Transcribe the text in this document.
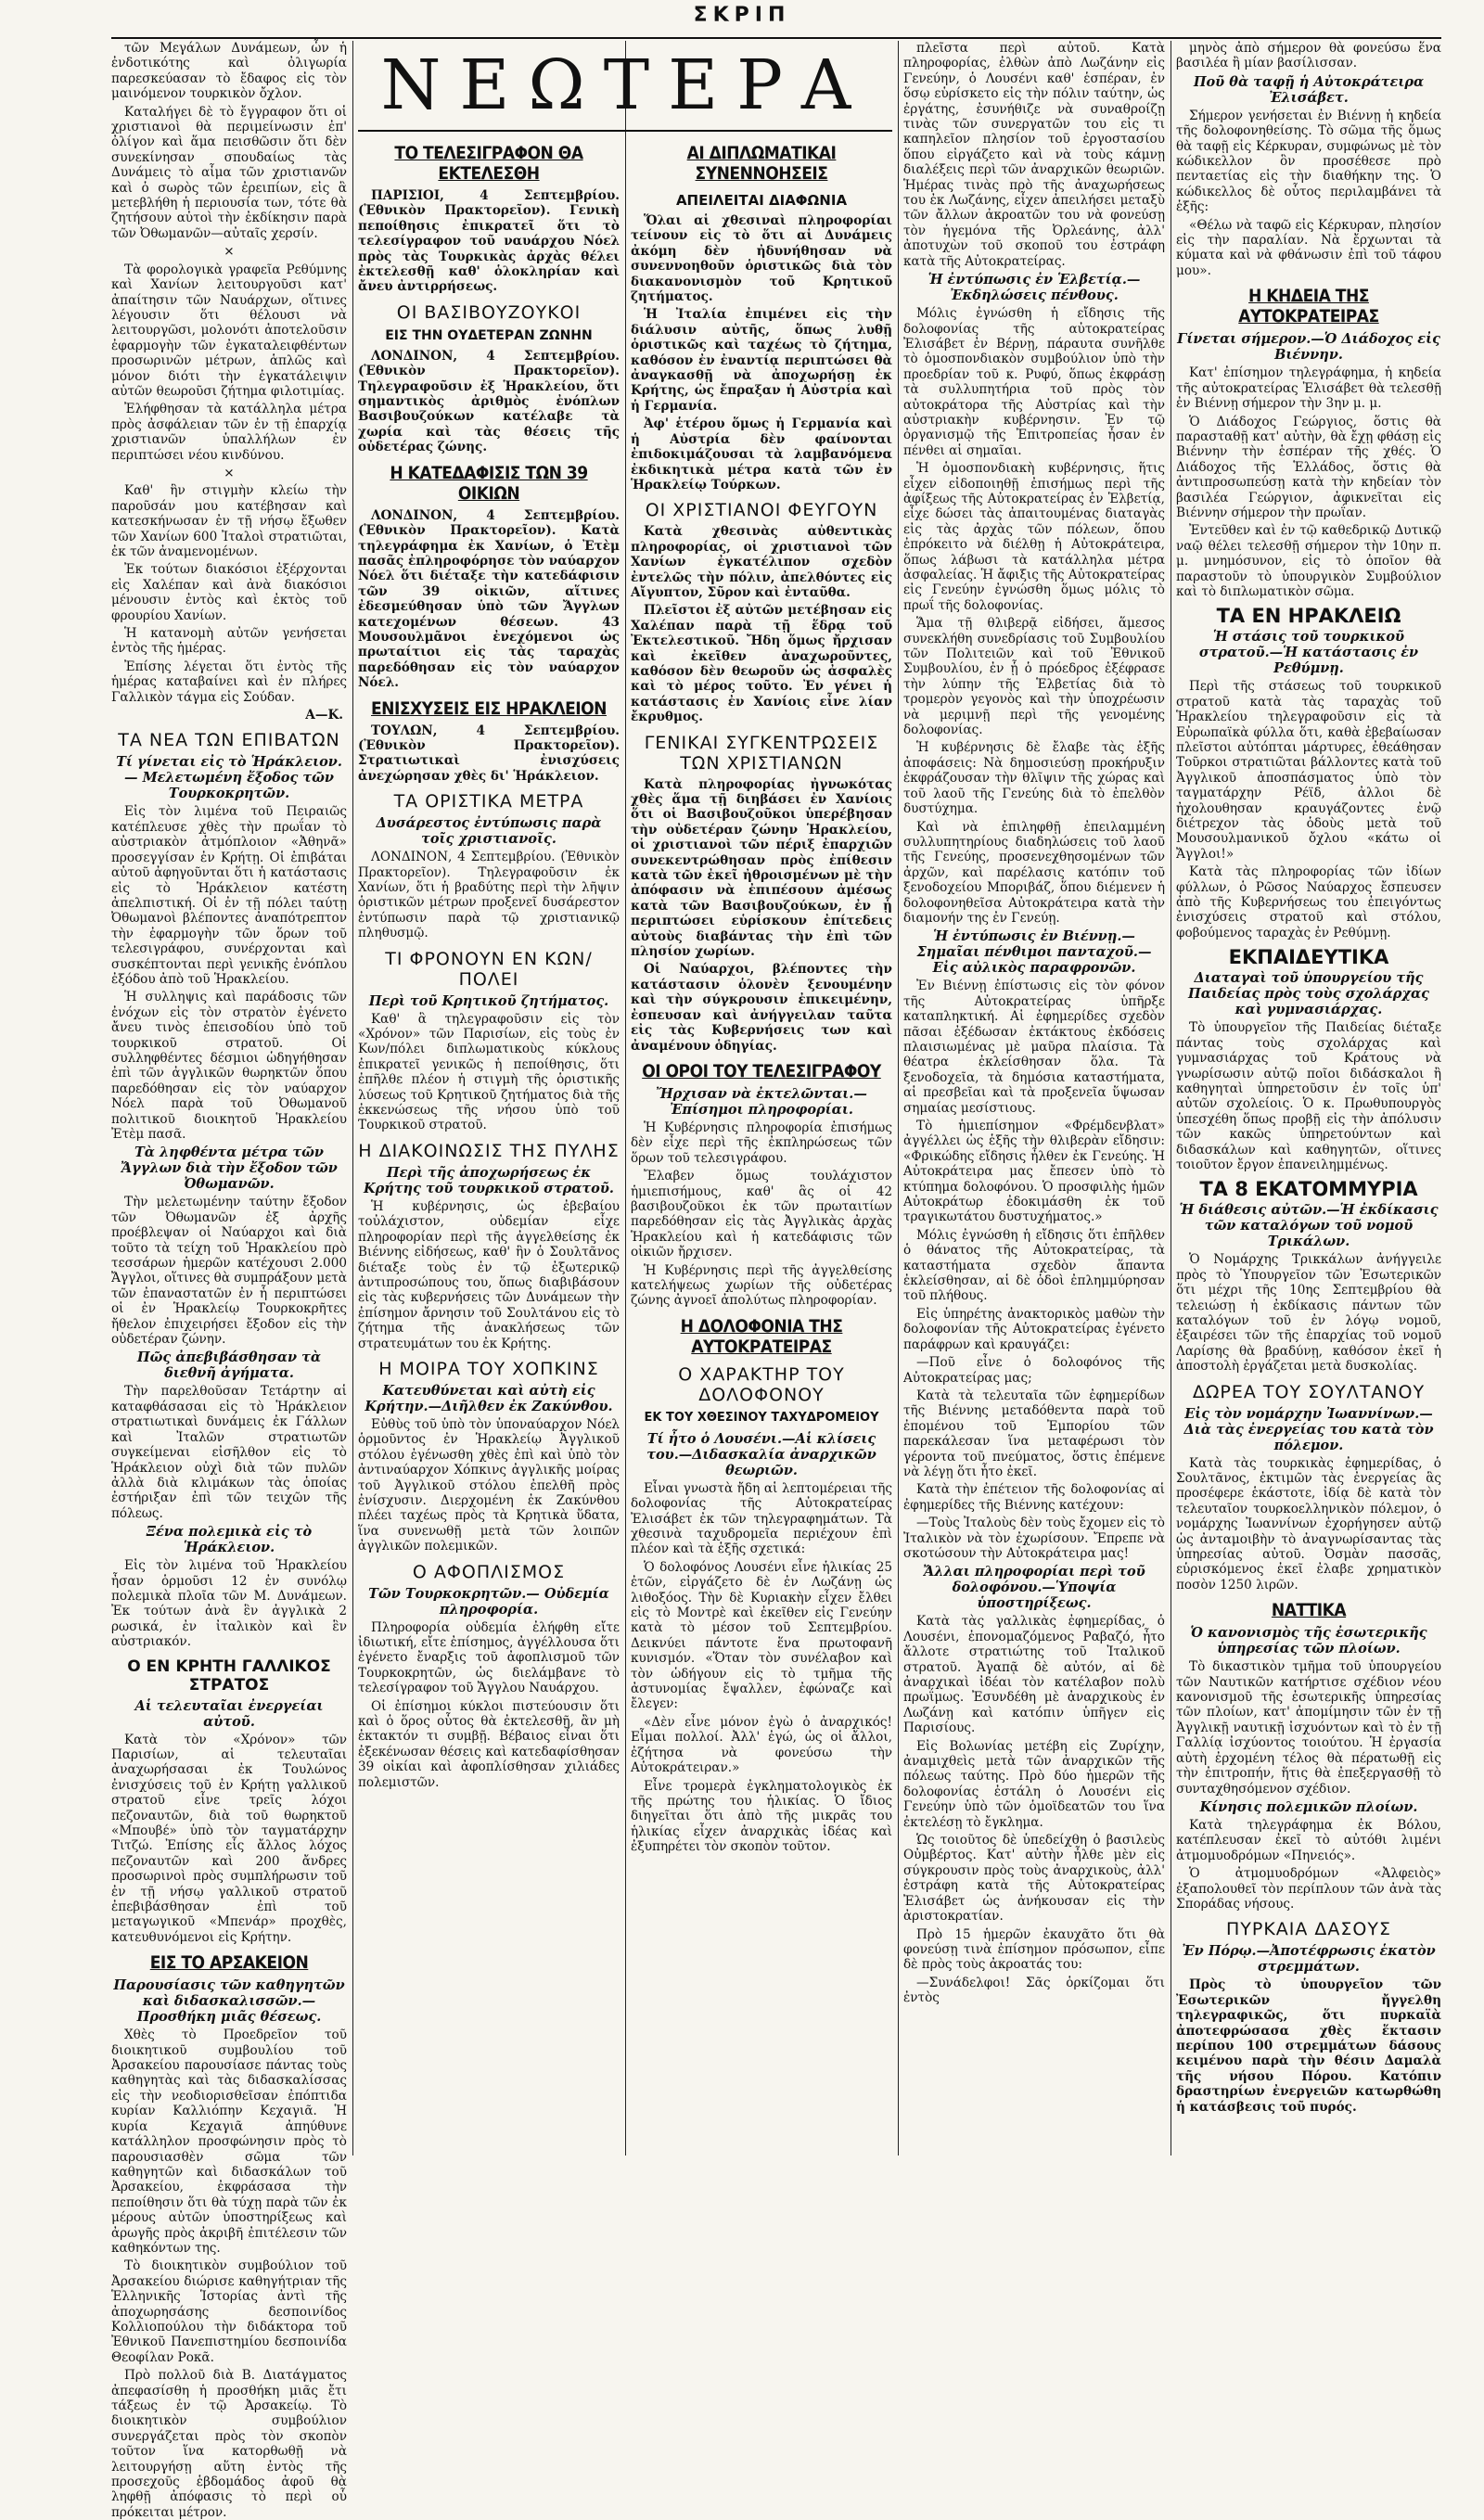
ΣΚΡΙΠ

τῶν Μεγάλων Δυνάμεων, ὧν ἡ ἐνδοτικότης καὶ ὀλιγωρία παρεσκεύασαν τὸ ἔδαφος εἰς τὸν μαινόμενον τουρκικὸν ὄχλον.

Καταλήγει δὲ τὸ ἔγγραφον ὅτι οἱ χριστιανοὶ θὰ περιμείνωσιν ἐπ' ὀλίγον καὶ ἅμα πεισθῶσιν ὅτι δὲν συνεκίνησαν σπουδαίως τὰς Δυνάμεις τὸ αἷμα τῶν χριστιανῶν καὶ ὁ σωρὸς τῶν ἐρειπίων, εἰς ἃ μετεβλήθη ἡ περιουσία των, τότε θὰ ζητήσουν αὐτοὶ τὴν ἐκδίκησιν παρὰ τῶν Ὀθωμανῶν—αὐταῖς χερσίν.

×

Τὰ φορολογικὰ γραφεῖα Ρεθύμνης καὶ Χανίων λειτουργοῦσι κατ' ἀπαίτησιν τῶν Ναυάρχων, οἵτινες λέγουσιν ὅτι θέλουσι νὰ λειτουργῶσι, μολονότι ἀποτελοῦσιν ἐφαρμογὴν τῶν ἐγκαταλειφθέντων προσωρινῶν μέτρων, ἁπλῶς καὶ μόνον διότι τὴν ἐγκατάλειψιν αὐτῶν θεωροῦσι ζήτημα φιλοτιμίας.

Ἐλήφθησαν τὰ κατάλληλα μέτρα πρὸς ἀσφάλειαν τῶν ἐν τῇ ἐπαρχίᾳ χριστιανῶν ὑπαλλήλων ἐν περιπτώσει νέου κινδύνου.

×

Καθ' ἣν στιγμὴν κλείω τὴν παροῦσάν μου κατέβησαν καὶ κατεσκήνωσαν ἐν τῇ νήσῳ ἔξωθεν τῶν Χανίων 600 Ἰταλοὶ στρατιῶται, ἐκ τῶν ἀναμενομένων.

Ἐκ τούτων διακόσιοι ἐξέρχονται εἰς Χαλέπαν καὶ ἀνὰ διακόσιοι μένουσιν ἐντὸς καὶ ἐκτὸς τοῦ φρουρίου Χανίων.

Ἡ κατανομὴ αὐτῶν γενήσεται ἐντὸς τῆς ἡμέρας.

Ἐπίσης λέγεται ὅτι ἐντὸς τῆς ἡμέρας καταβαίνει καὶ ἐν πλήρες Γαλλικὸν τάγμα εἰς Σούδαν.

Α—Κ.
ΤΑ ΝΕΑ ΤΩΝ ΕΠΙΒΑΤΩΝ
Τί γίνεται εἰς τὸ Ἡράκλειον.— Μελετωμένη ἔξοδος τῶν Τουρκοκρητῶν.

Εἰς τὸν λιμένα τοῦ Πειραιῶς κατέπλευσε χθὲς τὴν πρωΐαν τὸ αὐστριακὸν ἀτμόπλοιον «Ἀθηνᾶ» προσεγγίσαν ἐν Κρήτῃ. Οἱ ἐπιβάται αὐτοῦ ἀφηγοῦνται ὅτι ἡ κατάστασις εἰς τὸ Ἡράκλειον κατέστη ἀπελπιστική. Οἱ ἐν τῇ πόλει ταύτῃ Ὀθωμανοὶ βλέποντες ἀναπότρεπτον τὴν ἐφαρμογὴν τῶν ὅρων τοῦ τελεσιγράφου, συνέρχονται καὶ συσκέπτονται περὶ γενικῆς ἐνόπλου ἐξόδου ἀπὸ τοῦ Ἡρακλείου.

Ἡ συλληψις καὶ παράδοσις τῶν ἐνόχων εἰς τὸν στρατὸν ἐγένετο ἄνευ τινὸς ἐπεισοδίου ὑπὸ τοῦ τουρκικοῦ στρατοῦ. Οἱ συλληφθέντες δέσμιοι ὡδηγήθησαν ἐπὶ τῶν ἀγγλικῶν θωρηκτῶν ὅπου παρεδόθησαν εἰς τὸν ναύαρχον Νόελ παρὰ τοῦ Ὀθωμανοῦ πολιτικοῦ διοικητοῦ Ἡρακλείου Ἐτὲμ πασᾶ.

Τὰ ληφθέντα μέτρα τῶν Ἄγγλων διὰ τὴν ἔξοδον τῶν Ὀθωμανῶν.

Τὴν μελετωμένην ταύτην ἔξοδον τῶν Ὀθωμανῶν ἐξ ἀρχῆς προέβλεψαν οἱ Ναύαρχοι καὶ διὰ τοῦτο τὰ τείχη τοῦ Ἡρακλείου πρὸ τεσσάρων ἡμερῶν κατέχουσι 2.000 Ἄγγλοι, οἵτινες θὰ συμπράξουν μετὰ τῶν ἐπαναστατῶν ἐν ἧ περιπτώσει οἱ ἐν Ἡρακλείῳ Τουρκοκρῆτες ἤθελον ἐπιχειρήσει ἔξοδον εἰς τὴν οὐδετέραν ζώνην.

Πῶς ἀπεβιβάσθησαν τὰ διεθνῆ ἀγήματα.

Τὴν παρελθοῦσαν Τετάρτην αἱ καταφθάσασαι εἰς τὸ Ἡράκλειον στρατιωτικαὶ δυνάμεις ἐκ Γάλλων καὶ Ἰταλῶν στρατιωτῶν συγκείμεναι εἰσῆλθον εἰς τὸ Ἡράκλειον οὐχὶ διὰ τῶν πυλῶν ἀλλὰ διὰ κλιμάκων τὰς ὁποίας ἐστήριξαν ἐπὶ τῶν τειχῶν τῆς πόλεως.

Ξένα πολεμικὰ εἰς τὸ Ἡράκλειον.

Εἰς τὸν λιμένα τοῦ Ἡρακλείου ἦσαν ὁρμοῦσι 12 ἐν συνόλῳ πολεμικὰ πλοῖα τῶν Μ. Δυνάμεων. Ἐκ τούτων ἀνὰ ἓν ἀγγλικὰ 2 ρωσικά, ἐν ἰταλικὸν καὶ ἓν αὐστριακόν.

Ο ΕΝ ΚΡΗΤΗ ΓΑΛΛΙΚΟΣ ΣΤΡΑΤΟΣ
Αἱ τελευταῖαι ἐνεργείαι αὐτοῦ.

Κατὰ τὸν «Χρόνον» τῶν Παρισίων, αἱ τελευταῖαι ἀναχωρήσασαι ἐκ Τουλώνος ἐνισχύσεις τοῦ ἐν Κρήτῃ γαλλικοῦ στρατοῦ εἶνε τρεῖς λόχοι πεζοναυτῶν, διὰ τοῦ θωρηκτοῦ «Μπουβέ» ὑπὸ τὸν ταγματάρχην Τιτζώ. Ἐπίσης εἷς ἄλλος λόχος πεζοναυτῶν καὶ 200 ἄνδρες προσωρινοὶ πρὸς συμπλήρωσιν τοῦ ἐν τῇ νήσῳ γαλλικοῦ στρατοῦ ἐπεβιβάσθησαν ἐπὶ τοῦ μεταγωγικοῦ «Μπενάρ» προχθὲς, κατευθυνόμενοι εἰς Κρήτην.

ΕΙΣ ΤΟ ΑΡΣΑΚΕΙΟΝ
Παρουσίασις τῶν καθηγητῶν καὶ διδασκαλισσῶν.— Προσθήκη μιᾶς θέσεως.

Χθὲς τὸ Προεδρεῖον τοῦ διοικητικοῦ συμβουλίου τοῦ Ἀρσακείου παρουσίασε πάντας τοὺς καθηγητὰς καὶ τὰς διδασκαλίσσας εἰς τὴν νεοδιορισθεῖσαν ἐπόπτιδα κυρίαν Καλλιόπην Κεχαγιᾶ. Ἡ κυρία Κεχαγιᾶ ἀπηύθυνε κατάλληλον προσφώνησιν πρὸς τὸ παρουσιασθὲν σῶμα τῶν καθηγητῶν καὶ διδασκάλων τοῦ Ἀρσακείου, ἐκφράσασα τὴν πεποίθησιν ὅτι θὰ τύχῃ παρὰ τῶν ἐκ μέρους αὐτῶν ὑποστηρίξεως καὶ ἀρωγῆς πρὸς ἀκριβῆ ἐπιτέλεσιν τῶν καθηκόντων της.

Τὸ διοικητικὸν συμβούλιον τοῦ Ἀρσακείου διώρισε καθηγήτριαν τῆς Ἑλληνικῆς Ἱστορίας ἀντὶ τῆς ἀποχωρησάσης δεσποινίδος Κολλιοπούλου τὴν διδάκτορα τοῦ Ἐθνικοῦ Πανεπιστημίου δεσποινίδα Θεοφίλαν Ροκᾶ.

Πρὸ πολλοῦ διὰ Β. Διατάγματος ἀπεφασίσθη ἡ προσθήκη μιᾶς ἔτι τάξεως ἐν τῷ Ἀρσακείῳ. Τὸ διοικητικὸν συμβούλιον συνεργάζεται πρὸς τὸν σκοπὸν τοῦτον ἵνα κατορθωθῇ νὰ λειτουργήσῃ αὕτη ἐντὸς τῆς προσεχοῦς ἑβδομάδος ἀφοῦ θὰ ληφθῇ ἀπόφασις τὸ περὶ οὗ πρόκειται μέτρον.

ΝΕΩΤΕΡΑ
ΤΟ ΤΕΛΕΣΙΓΡΑΦΟΝ ΘΑ ΕΚΤΕΛΕΣΘΗ

ΠΑΡΙΣΙΟΙ, 4 Σεπτεμβρίου. (Ἐθνικὸν Πρακτορεῖον). Γενικὴ πεποίθησις ἐπικρατεῖ ὅτι τὸ τελεσίγραφον τοῦ ναυάρχου Νόελ πρὸς τὰς Τουρκικὰς ἀρχὰς θέλει ἐκτελεσθῇ καθ' ὁλοκληρίαν καὶ ἄνευ ἀντιρρήσεως.

ΟΙ ΒΑΣΙΒΟΥΖΟΥΚΟΙ
ΕΙΣ ΤΗΝ ΟΥΔΕΤΕΡΑΝ ΖΩΝΗΝ

ΛΟΝΔΙΝΟΝ, 4 Σεπτεμβρίου. (Ἐθνικὸν Πρακτορεῖον). Τηλεγραφοῦσιν ἐξ Ἡρακλείου, ὅτι σημαντικὸς ἀριθμὸς ἐνόπλων Βασιβουζούκων κατέλαβε τὰ χωρία καὶ τὰς θέσεις τῆς οὐδετέρας ζώνης.

Η ΚΑΤΕΔΑΦΙΣΙΣ ΤΩΝ 39 ΟΙΚΙΩΝ

ΛΟΝΔΙΝΟΝ, 4 Σεπτεμβρίου. (Ἐθνικὸν Πρακτορεῖον). Κατὰ τηλεγράφημα ἐκ Χανίων, ὁ Ἐτὲμ πασᾶς ἐπληροφόρησε τὸν ναύαρχον Νόελ ὅτι διέταξε τὴν κατεδάφισιν τῶν 39 οἰκιῶν, αἵτινες ἐδεσμεύθησαν ὑπὸ τῶν Ἄγγλων κατεχομένων θέσεων. 43 Μουσουλμᾶνοι ἐνεχόμενοι ὡς πρωταίτιοι εἰς τὰς ταραχὰς παρεδόθησαν εἰς τὸν ναύαρχον Νόελ.

ΕΝΙΣΧΥΣΕΙΣ ΕΙΣ ΗΡΑΚΛΕΙΟΝ

ΤΟΥΛΩΝ, 4 Σεπτεμβρίου. (Ἐθνικὸν Πρακτορεῖον). Στρατιωτικαὶ ἐνισχύσεις ἀνεχώρησαν χθὲς δι' Ἡράκλειον.

ΤΑ ΟΡΙΣΤΙΚΑ ΜΕΤΡΑ
Δυσάρεστος ἐντύπωσις παρὰ τοῖς χριστιανοῖς.

ΛΟΝΔΙΝΟΝ, 4 Σεπτεμβρίου. (Ἐθνικὸν Πρακτορεῖον). Τηλεγραφοῦσιν ἐκ Χανίων, ὅτι ἡ βραδύτης περὶ τὴν λῆψιν ὁριστικῶν μέτρων προξενεῖ δυσάρεστον ἐντύπωσιν παρὰ τῷ χριστιανικῷ πληθυσμῷ.

ΤΙ ΦΡΟΝΟΥΝ ΕΝ ΚΩΝ/ΠΟΛΕΙ
Περὶ τοῦ Κρητικοῦ ζητήματος.

Καθ' ἃ τηλεγραφοῦσιν εἰς τὸν «Χρόνον» τῶν Παρισίων, εἰς τοὺς ἐν Κων/πόλει διπλωματικοὺς κύκλους ἐπικρατεῖ γενικῶς ἡ πεποίθησις, ὅτι ἐπῆλθε πλέον ἡ στιγμὴ τῆς ὁριστικῆς λύσεως τοῦ Κρητικοῦ ζητήματος διὰ τῆς ἐκκενώσεως τῆς νήσου ὑπὸ τοῦ Τουρκικοῦ στρατοῦ.

Η ΔΙΑΚΟΙΝΩΣΙΣ ΤΗΣ ΠΥΛΗΣ
Περὶ τῆς ἀποχωρήσεως ἐκ Κρήτης τοῦ τουρκικοῦ στρατοῦ.

Ἡ κυβέρνησις, ὡς ἐβεβαίου τοὐλάχιστον, οὐδεμίαν εἶχε πληροφορίαν περὶ τῆς ἀγγελθείσης ἐκ Βιέννης εἰδήσεως, καθ' ἣν ὁ Σουλτᾶνος διέταξε τοὺς ἐν τῷ ἐξωτερικῷ ἀντιπροσώπους του, ὅπως διαβιβάσουν εἰς τὰς κυβερνήσεις τῶν Δυνάμεων τὴν ἐπίσημον ἄρνησιν τοῦ Σουλτάνου εἰς τὸ ζήτημα τῆς ἀνακλήσεως τῶν στρατευμάτων του ἐκ Κρήτης.

Η ΜΟΙΡΑ ΤΟΥ ΧΟΠΚΙΝΣ
Κατευθύνεται καὶ αὐτὴ εἰς Κρήτην.—Διῆλθεν ἐκ Ζακύνθου.

Εὐθὺς τοῦ ὑπὸ τὸν ὑποναύαρχον Νόελ ὁρμοῦντος ἐν Ἡρακλείῳ Ἀγγλικοῦ στόλου ἐγένωσθη χθὲς ἐπὶ καὶ ὑπὸ τὸν ἀντιναύαρχον Χόπκινς ἀγγλικῆς μοίρας τοῦ Ἀγγλικοῦ στόλου ἐπελθῆ πρὸς ἐνίσχυσιν. Διερχομένη ἐκ Ζακύνθου πλέει ταχέως πρὸς τὰ Κρητικὰ ὕδατα, ἵνα συνενωθῇ μετὰ τῶν λοιπῶν ἀγγλικῶν πολεμικῶν.

Ο ΑΦΟΠΛΙΣΜΟΣ
Τῶν Τουρκοκρητῶν.— Οὐδεμία πληροφορία.

Πληροφορία οὐδεμία ἐλήφθη εἴτε ἰδιωτική, εἴτε ἐπίσημος, ἀγγέλλουσα ὅτι ἐγένετο ἔναρξις τοῦ ἀφοπλισμοῦ τῶν Τουρκοκρητῶν, ὡς διελάμβανε τὸ τελεσίγραφον τοῦ Ἄγγλου Ναυάρχου.

Οἱ ἐπίσημοι κύκλοι πιστεύουσιν ὅτι καὶ ὁ ὅρος οὗτος θὰ ἐκτελεσθῇ, ἂν μὴ ἐκτακτόν τι συμβῇ. Βέβαιος εἶναι ὅτι ἐξεκένωσαν θέσεις καὶ κατεδαφίσθησαν 39 οἰκίαι καὶ ἀφοπλίσθησαν χιλιάδες πολεμιστῶν.

ΑΙ ΔΙΠΛΩΜΑΤΙΚΑΙ ΣΥΝΕΝΝΟΗΣΕΙΣ
ΑΠΕΙΛΕΙΤΑΙ ΔΙΑΦΩΝΙΑ

Ὅλαι αἱ χθεσιναὶ πληροφορίαι τείνουν εἰς τὸ ὅτι αἱ Δυνάμεις ἀκόμη δὲν ἠδυνήθησαν νὰ συνεννοηθοῦν ὁριστικῶς διὰ τὸν διακανονισμὸν τοῦ Κρητικοῦ ζητήματος.

Ἡ Ἰταλία ἐπιμένει εἰς τὴν διάλυσιν αὐτῆς, ὅπως λυθῇ ὁριστικῶς καὶ ταχέως τὸ ζήτημα, καθόσον ἐν ἐναντίᾳ περιπτώσει θὰ ἀναγκασθῇ νὰ ἀποχωρήσῃ ἐκ Κρήτης, ὡς ἔπραξαν ἡ Αὐστρία καὶ ἡ Γερμανία.

Ἀφ' ἑτέρου ὅμως ἡ Γερμανία καὶ ἡ Αὐστρία δὲν φαίνονται ἐπιδοκιμάζουσαι τὰ λαμβανόμενα ἐκδικητικὰ μέτρα κατὰ τῶν ἐν Ἡρακλείῳ Τούρκων.

ΟΙ ΧΡΙΣΤΙΑΝΟΙ ΦΕΥΓΟΥΝ

Κατὰ χθεσινὰς αὐθεντικὰς πληροφορίας, οἱ χριστιανοὶ τῶν Χανίων ἐγκατέλιπον σχεδὸν ἐντελῶς τὴν πόλιν, ἀπελθόντες εἰς Αἴγυπτον, Σῦρον καὶ ἐνταῦθα.

Πλεῖστοι ἐξ αὐτῶν μετέβησαν εἰς Χαλέπαν παρὰ τῇ ἕδρᾳ τοῦ Ἐκτελεστικοῦ. Ἤδη ὅμως ἤρχισαν καὶ ἐκεῖθεν ἀναχωροῦντες, καθόσον δὲν θεωροῦν ὡς ἀσφαλὲς καὶ τὸ μέρος τοῦτο. Ἐν γένει ἡ κατάστασις ἐν Χανίοις εἶνε λίαν ἔκρυθμος.

ΓΕΝΙΚΑΙ ΣΥΓΚΕΝΤΡΩΣΕΙΣ ΤΩΝ ΧΡΙΣΤΙΑΝΩΝ

Κατὰ πληροφορίας ἠγνωκότας χθὲς ἅμα τῇ διηβάσει ἐν Χανίοις ὅτι οἱ Βασιβουζοῦκοι ὑπερέβησαν τὴν οὐδετέραν ζώνην Ἡρακλείου, οἱ χριστιανοὶ τῶν πέριξ ἐπαρχιῶν συνεκεντρώθησαν πρὸς ἐπίθεσιν κατὰ τῶν ἐκεῖ ἠθροισμένων μὲ τὴν ἀπόφασιν νὰ ἐπιπέσουν ἀμέσως κατὰ τῶν Βασιβουζούκων, ἐν ᾗ περιπτώσει εὑρίσκουν ἐπίτεδεις αὐτοὺς διαβάντας τὴν ἐπὶ τῶν πλησίον χωρίων.

Οἱ Ναύαρχοι, βλέποντες τὴν κατάστασιν ὁλονὲν ξενουμένην καὶ τὴν σύγκρουσιν ἐπικειμένην, ἐσπευσαν καὶ ἀνήγγειλαν ταῦτα εἰς τὰς Κυβερνήσεις των καὶ ἀναμένουν ὁδηγίας.

ΟΙ ΟΡΟΙ ΤΟΥ ΤΕΛΕΣΙΓΡΑΦΟΥ
Ἤρχισαν νὰ ἐκτελῶνται.—Ἐπίσημοι πληροφορίαι.

Ἡ Κυβέρνησις πληροφορία ἐπισήμως δὲν εἶχε περὶ τῆς ἐκπληρώσεως τῶν ὅρων τοῦ τελεσιγράφου.

Ἔλαβεν ὅμως τουλάχιστον ἡμιεπισήμους, καθ' ἃς οἱ 42 βασιβουζοῦκοι ἐκ τῶν πρωταιτίων παρεδόθησαν εἰς τὰς Ἀγγλικὰς ἀρχὰς Ἡρακλείου καὶ ἡ κατεδάφισις τῶν οἰκιῶν ἤρχισεν.

Ἡ Κυβέρνησις περὶ τῆς ἀγγελθείσης κατελήψεως χωρίων τῆς οὐδετέρας ζώνης ἀγνοεῖ ἀπολύτως πληροφορίαν.

Η ΔΟΛΟΦΟΝΙΑ ΤΗΣ ΑΥΤΟΚΡΑΤΕΙΡΑΣ
Ο ΧΑΡΑΚΤΗΡ ΤΟΥ ΔΟΛΟΦΟΝΟΥ
ΕΚ ΤΟΥ ΧΘΕΣΙΝΟΥ ΤΑΧΥΔΡΟΜΕΙΟΥ
Τί ἦτο ὁ Λουσένι.—Αἱ κλίσεις του.—Διδασκαλία ἀναρχικῶν θεωριῶν.

Εἶναι γνωστὰ ἤδη αἱ λεπτομέρειαι τῆς δολοφονίας τῆς Αὐτοκρατείρας Ἐλισάβετ ἐκ τῶν τηλεγραφημάτων. Τὰ χθεσινὰ ταχυδρομεῖα περιέχουν ἐπὶ πλέον καὶ τὰ ἑξῆς σχετικά:

Ὁ δολοφόνος Λουσένι εἶνε ἡλικίας 25 ἐτῶν, εἰργάζετο δὲ ἐν Λωζάνῃ ὡς λιθοξόος. Τὴν δὲ Κυριακὴν εἶχεν ἔλθει εἰς τὸ Μοντρὲ καὶ ἐκεῖθεν εἰς Γενεύην κατὰ τὸ μέσον τοῦ Σεπτεμβρίου. Δεικνύει πάντοτε ἕνα πρωτοφανῆ κυνισμόν. «Ὅταν τὸν συνέλαβον καὶ τὸν ὡδήγουν εἰς τὸ τμῆμα τῆς ἀστυνομίας ἔψαλλεν, ἐφώναζε καὶ ἔλεγεν:

«Δὲν εἶνε μόνον ἐγὼ ὁ ἀναρχικός! Εἶμαι πολλοί. Ἀλλ' ἐγώ, ὡς οἱ ἄλλοι, ἐζήτησα νὰ φονεύσω τὴν Αὐτοκράτειραν.»

Εἶνε τρομερὰ ἐγκληματολογικὸς ἐκ τῆς πρώτης του ἡλικίας. Ὁ ἴδιος διηγεῖται ὅτι ἀπὸ τῆς μικρᾶς του ἡλικίας εἶχεν ἀναρχικὰς ἰδέας καὶ ἐξυπηρέτει τὸν σκοπὸν τοῦτον.

πλεῖστα περὶ αὐτοῦ. Κατὰ πληροφορίας, ἐλθὼν ἀπὸ Λωζάνην εἰς Γενεύην, ὁ Λουσένι καθ' ἑσπέραν, ἐν ὅσῳ εὑρίσκετο εἰς τὴν πόλιν ταύτην, ὡς ἐργάτης, ἐσυνήθιζε νὰ συναθροίζῃ τινὰς τῶν συνεργατῶν του εἰς τι καπηλεῖον πλησίον τοῦ ἐργοστασίου ὅπου εἰργάζετο καὶ νὰ τοὺς κάμνῃ διαλέξεις περὶ τῶν ἀναρχικῶν θεωριῶν. Ἡμέρας τινὰς πρὸ τῆς ἀναχωρήσεως του ἐκ Λωζάνης, εἶχεν ἀπειλήσει μεταξὺ τῶν ἄλλων ἀκροατῶν του νὰ φονεύσῃ τὸν ἡγεμόνα τῆς Ὀρλεάνης, ἀλλ' ἀποτυχὼν τοῦ σκοποῦ του ἐστράφη κατὰ τῆς Αὐτοκρατείρας.

Ἡ ἐντύπωσις ἐν Ἑλβετίᾳ.— Ἐκδηλώσεις πένθους.

Μόλις ἐγνώσθη ἡ εἴδησις τῆς δολοφονίας τῆς αὐτοκρατείρας Ἐλισάβετ ἐν Βέρνῃ, πάραυτα συνῆλθε τὸ ὁμοσπονδιακὸν συμβούλιον ὑπὸ τὴν προεδρίαν τοῦ κ. Ρυφύ, ὅπως ἐκφράσῃ τὰ συλλυπητήρια τοῦ πρὸς τὸν αὐτοκράτορα τῆς Αὐστρίας καὶ τὴν αὐστριακὴν κυβέρνησιν. Ἐν τῷ ὀργανισμῷ τῆς Ἐπιτροπείας ἦσαν ἐν πένθει αἱ σημαῖαι.

Ἡ ὁμοσπονδιακὴ κυβέρνησις, ἥτις εἶχεν εἰδοποιηθῇ ἐπισήμως περὶ τῆς ἀφίξεως τῆς Αὐτοκρατείρας ἐν Ἑλβετίᾳ, εἶχε δώσει τὰς ἀπαιτουμένας διαταγὰς εἰς τὰς ἀρχὰς τῶν πόλεων, ὅπου ἐπρόκειτο νὰ διέλθῃ ἡ Αὐτοκράτειρα, ὅπως λάβωσι τὰ κατάλληλα μέτρα ἀσφαλείας. Ἡ ἄφιξις τῆς Αὐτοκρατείρας εἰς Γενεύην ἐγνώσθη ὅμως μόλις τὸ πρωΐ τῆς δολοφονίας.

Ἅμα τῇ θλιβερᾷ εἰδήσει, ἅμεσος συνεκλήθη συνεδρίασις τοῦ Συμβουλίου τῶν Πολιτειῶν καὶ τοῦ Ἐθνικοῦ Συμβουλίου, ἐν ᾗ ὁ πρόεδρος ἐξέφρασε τὴν λύπην τῆς Ἑλβετίας διὰ τὸ τρομερὸν γεγονὸς καὶ τὴν ὑποχρέωσιν νὰ μεριμνῇ περὶ τῆς γενομένης δολοφονίας.

Ἡ κυβέρνησις δὲ ἔλαβε τὰς ἑξῆς ἀποφάσεις: Νὰ δημοσιεύσῃ προκήρυξιν ἐκφράζουσαν τὴν θλῖψιν τῆς χώρας καὶ τοῦ λαοῦ τῆς Γενεύης διὰ τὸ ἐπελθὸν δυστύχημα.

Καὶ νὰ ἐπιληφθῇ ἐπειλαμμένη συλλυπητηρίους διαδηλώσεις τοῦ λαοῦ τῆς Γενεύης, προσενεχθησομένων τῶν ἀρχῶν, καὶ παρέλασις κατόπιν τοῦ ξενοδοχείου Μποριβάζ, ὅπου διέμενεν ἡ δολοφονηθεῖσα Αὐτοκράτειρα κατὰ τὴν διαμονήν της ἐν Γενεύῃ.

Ἡ ἐντύπωσις ἐν Βιέννῃ.— Σημαῖαι πένθιμοι πανταχοῦ.— Εἰς αὐλικὸς παραφρονῶν.

Ἐν Βιέννῃ ἐπίστωσις εἰς τὸν φόνον τῆς Αὐτοκρατείρας ὑπῆρξε καταπληκτική. Αἱ ἐφημερίδες σχεδὸν πᾶσαι ἐξέδωσαν ἐκτάκτους ἐκδόσεις πλαισιωμένας μὲ μαῦρα πλαίσια. Τὰ θέατρα ἐκλείσθησαν ὅλα. Τὰ ξενοδοχεῖα, τὰ δημόσια καταστήματα, αἱ πρεσβεῖαι καὶ τὰ προξενεῖα ὕψωσαν σημαίας μεσίστιους.

Τὸ ἡμιεπίσημον «Φρέμδενβλατ» ἀγγέλλει ὡς ἑξῆς τὴν θλιβερὰν εἴδησιν: «Φρικώδης εἴδησις ἦλθεν ἐκ Γενεύης. Ἡ Αὐτοκράτειρα μας ἔπεσεν ὑπὸ τὸ κτύπημα δολοφόνου. Ὁ προσφιλὴς ἡμῶν Αὐτοκράτωρ ἐδοκιμάσθη ἐκ τοῦ τραγικωτάτου δυστυχήματος.»

Μόλις ἐγνώσθη ἡ εἴδησις ὅτι ἐπῆλθεν ὁ θάνατος τῆς Αὐτοκρατείρας, τὰ καταστήματα σχεδὸν ἅπαντα ἐκλείσθησαν, αἱ δὲ ὁδοὶ ἐπλημμύρησαν τοῦ πλήθους.

Εἰς ὑπηρέτης ἀνακτορικὸς μαθὼν τὴν δολοφονίαν τῆς Αὐτοκρατείρας ἐγένετο παράφρων καὶ κραυγάζει:

—Ποῦ εἶνε ὁ δολοφόνος τῆς Αὐτοκρατείρας μας;

Κατὰ τὰ τελευταῖα τῶν ἐφημερίδων τῆς Βιέννης μεταδόθεντα παρὰ τοῦ ἐπομένου τοῦ Ἐμπορίου τῶν παρεκάλεσαν ἵνα μεταφέρωσι τὸν γέροντα τοῦ πνεύματος, ὅστις ἐπέμενε νὰ λέγῃ ὅτι ἦτο ἐκεῖ.

Κατὰ τὴν ἐπέτειον τῆς δολοφονίας αἱ ἐφημερίδες τῆς Βιέννης κατέχουν:

—Τοὺς Ἰταλοὺς δὲν τοὺς ἔχομεν εἰς τὸ Ἰταλικὸν νὰ τὸν ἐχωρίσουν. Ἔπρεπε νὰ σκοτώσουν τὴν Αὐτοκράτειρα μας!

Ἄλλαι πληροφορίαι περὶ τοῦ δολοφόνου.—Ὑποψία ὑποστηρίξεως.

Κατὰ τὰς γαλλικὰς ἐφημερίδας, ὁ Λουσένι, ἐπονομαζόμενος Ραβαζό, ἦτο ἄλλοτε στρατιώτης τοῦ Ἰταλικοῦ στρατοῦ. Ἀγαπᾷ δὲ αὐτόν, αἱ δὲ ἀναρχικαὶ ἰδέαι τὸν κατέλαβον πολὺ πρωΐμως. Ἐσυνδέθη μὲ ἀναρχικοὺς ἐν Λωζάνῃ καὶ κατόπιν ὑπῆγεν εἰς Παρισίους.

Εἰς Βολωνίας μετέβη εἰς Ζυρίχην, ἀναμιχθεὶς μετὰ τῶν ἀναρχικῶν τῆς πόλεως ταύτης. Πρὸ δύο ἡμερῶν τῆς δολοφονίας ἐστάλη ὁ Λουσένι εἰς Γενεύην ὑπὸ τῶν ὁμοϊδεατῶν του ἵνα ἐκτελέσῃ τὸ ἔγκλημα.

Ὡς τοιοῦτος δὲ ὑπεδείχθη ὁ βασιλεὺς Οὐμβέρτος. Κατ' αὐτὴν ἦλθε μὲν εἰς σύγκρουσιν πρὸς τοὺς ἀναρχικοὺς, ἀλλ' ἐστράφη κατὰ τῆς Αὐτοκρατείρας Ἐλισάβετ ὡς ἀνήκουσαν εἰς τὴν ἀριστοκρατίαν.

Πρὸ 15 ἡμερῶν ἐκαυχᾶτο ὅτι θὰ φονεύσῃ τινὰ ἐπίσημον πρόσωπον, εἶπε δὲ πρὸς τοὺς ἀκροατάς του:

—Συνάδελφοι! Σᾶς ὁρκίζομαι ὅτι ἐντὸς

μηνὸς ἀπὸ σήμερον θὰ φονεύσω ἕνα βασιλέα ἢ μίαν βασίλισσαν.

Ποῦ θὰ ταφῇ ἡ Αὐτοκράτειρα Ἐλισάβετ.

Σήμερον γενήσεται ἐν Βιέννῃ ἡ κηδεία τῆς δολοφονηθείσης. Τὸ σῶμα τῆς ὅμως θὰ ταφῇ εἰς Κέρκυραν, συμφώνως μὲ τὸν κώδικελλον ὃν προσέθεσε πρὸ πενταετίας εἰς τὴν διαθήκην της. Ὁ κώδικελλος δὲ οὗτος περιλαμβάνει τὰ ἑξῆς:

«Θέλω νὰ ταφῶ εἰς Κέρκυραν, πλησίον εἰς τὴν παραλίαν. Νὰ ἔρχωνται τὰ κύματα καὶ νὰ φθάνωσιν ἐπὶ τοῦ τάφου μου».

Η ΚΗΔΕΙΑ ΤΗΣ ΑΥΤΟΚΡΑΤΕΙΡΑΣ
Γίνεται σήμερον.—Ὁ Διάδοχος εἰς Βιέννην.

Κατ' ἐπίσημον τηλεγράφημα, ἡ κηδεία τῆς αὐτοκρατείρας Ἐλισάβετ θὰ τελεσθῇ ἐν Βιέννῃ σήμερον τὴν 3ην μ. μ.

Ὁ Διάδοχος Γεώργιος, ὅστις θὰ παρασταθῇ κατ' αὐτὴν, θὰ ἔχῃ φθάσῃ εἰς Βιέννην τὴν ἑσπέραν τῆς χθές. Ὁ Διάδοχος τῆς Ἑλλάδος, ὅστις θὰ ἀντιπροσωπεύσῃ κατὰ τὴν κηδείαν τὸν βασιλέα Γεώργιον, ἀφικνεῖται εἰς Βιέννην σήμερον τὴν πρωΐαν.

Ἐντεῦθεν καὶ ἐν τῷ καθεδρικῷ Δυτικῷ ναῷ θέλει τελεσθῇ σήμερον τὴν 10ην π. μ. μνημόσυνον, εἰς τὸ ὁποῖον θὰ παραστοῦν τὸ ὑπουργικὸν Συμβούλιον καὶ τὸ διπλωματικὸν σῶμα.

ΤΑ ΕΝ ΗΡΑΚΛΕΙΩ
Ἡ στάσις τοῦ τουρκικοῦ στρατοῦ.—Ἡ κατάστασις ἐν Ρεθύμνῃ.

Περὶ τῆς στάσεως τοῦ τουρκικοῦ στρατοῦ κατὰ τὰς ταραχὰς τοῦ Ἡρακλείου τηλεγραφοῦσιν εἰς τὰ Εὐρωπαϊκὰ φύλλα ὅτι, καθὰ ἐβεβαίωσαν πλεῖστοι αὐτόπται μάρτυρες, ἐθεάθησαν Τοῦρκοι στρατιῶται βάλλοντες κατὰ τοῦ Ἀγγλικοῦ ἀποσπάσματος ὑπὸ τὸν ταγματάρχην Ρέϊδ, ἀλλοι δὲ ἠχολουθησαν κραυγάζοντες ἐνῷ διέτρεχον τὰς ὁδοὺς μετὰ τοῦ Μουσουλμανικοῦ ὄχλου «κάτω οἱ Ἄγγλοι!»

Κατὰ τὰς πληροφορίας τῶν ἰδίων φύλλων, ὁ Ρῶσος Ναύαρχος ἔσπευσεν ἀπὸ τῆς Κυβερνήσεως του ἐπειγόντως ἐνισχύσεις στρατοῦ καὶ στόλου, φοβούμενος ταραχὰς ἐν Ρεθύμνῃ.

ΕΚΠΑΙΔΕΥΤΙΚΑ
Διαταγαὶ τοῦ ὑπουργείου τῆς Παιδείας πρὸς τοὺς σχολάρχας καὶ γυμνασιάρχας.

Τὸ ὑπουργεῖον τῆς Παιδείας διέταξε πάντας τοὺς σχολάρχας καὶ γυμνασιάρχας τοῦ Κράτους νὰ γνωρίσωσιν αὐτῷ ποῖοι διδάσκαλοι ἢ καθηγηταὶ ὑπηρετοῦσιν ἐν τοῖς ὑπ' αὐτῶν σχολείοις. Ὁ κ. Πρωθυπουργὸς ὑπεσχέθη ὅπως προβῇ εἰς τὴν ἀπόλυσιν τῶν κακῶς ὑπηρετούντων καὶ διδασκάλων καὶ καθηγητῶν, οἵτινες τοιοῦτον ἔργον ἐπανειλημμένως.

ΤΑ 8 ΕΚΑΤΟΜΜΥΡΙΑ
Ἡ διάθεσις αὐτῶν.—Ἡ ἐκδίκασις τῶν καταλόγων τοῦ νομοῦ Τρικάλων.

Ὁ Νομάρχης Τρικκάλων ἀνήγγειλε πρὸς τὸ Ὑπουργεῖον τῶν Ἐσωτερικῶν ὅτι μέχρι τῆς 10ης Σεπτεμβρίου θὰ τελειώσῃ ἡ ἐκδίκασις πάντων τῶν καταλόγων τοῦ ἐν λόγῳ νομοῦ, ἐξαιρέσει τῶν τῆς ἐπαρχίας τοῦ νομοῦ Λαρίσης θὰ βραδύνῃ, καθόσον ἐκεῖ ἡ ἀποστολὴ ἐργάζεται μετὰ δυσκολίας.

ΔΩΡΕΑ ΤΟΥ ΣΟΥΛΤΑΝΟΥ
Εἰς τὸν νομάρχην Ἰωαννίνων.—Διὰ τὰς ἐνεργείας του κατὰ τὸν πόλεμον.

Κατὰ τὰς τουρκικὰς ἐφημερίδας, ὁ Σουλτᾶνος, ἐκτιμῶν τὰς ἐνεργείας ἃς προσέφερε ἑκάστοτε, ἰδίᾳ δὲ κατὰ τὸν τελευταῖον τουρκοελληνικὸν πόλεμον, ὁ νομάρχης Ἰωαννίνων ἐχορήγησεν αὐτῷ ὡς ἀνταμοιβὴν τὸ ἀναγνωρίσαντας τὰς ὑπηρεσίας αὐτοῦ. Ὀσμὰν πασσᾶς, εὑρισκόμενος ἐκεῖ ἐλαβε χρηματικὸν ποσὸν 1250 λιρῶν.

ΝΑΤΤΙΚΑ
Ὁ κανονισμὸς τῆς ἐσωτερικῆς ὑπηρεσίας τῶν πλοίων.

Τὸ δικαστικὸν τμῆμα τοῦ ὑπουργείου τῶν Ναυτικῶν κατήρτισε σχέδιον νέου κανονισμοῦ τῆς ἐσωτερικῆς ὑπηρεσίας τῶν πλοίων, κατ' ἀπομίμησιν τῶν ἐν τῇ Ἀγγλικῇ ναυτικῇ ἰσχυόντων καὶ τὸ ἐν τῇ Γαλλίᾳ ἰσχύοντος τοιούτου. Ἡ ἐργασία αὐτὴ ἐρχομένη τέλος θὰ πέρατωθῇ εἰς τὴν ἐπιτροπήν, ἥτις θὰ ἐπεξεργασθῇ τὸ συνταχθησόμενον σχέδιον.

Κίνησις πολεμικῶν πλοίων.

Κατὰ τηλεγράφημα ἐκ Βόλου, κατέπλευσαν ἐκεῖ τὸ αὐτόθι λιμένι ἀτμομυοδρόμων «Πηνειός».

Ὁ ἀτμομυοδρόμων «Ἀλφειὸς» ἐξαπολουθεῖ τὸν περίπλουν τῶν ἀνὰ τὰς Σποράδας νήσους.

ΠΥΡΚΑΙΑ ΔΑΣΟΥΣ
Ἐν Πόρῳ.—Ἀποτέφρωσις ἑκατὸν στρεμμάτων.

Πρὸς τὸ ὑπουργεῖον τῶν Ἐσωτερικῶν ἤγγελθη τηλεγραφικῶς, ὅτι πυρκαϊὰ ἀποτεφρώσασα χθὲς ἕκτασιν περίπου 100 στρεμμάτων δάσους κειμένου παρὰ τὴν θέσιν Δαμαλὰ τῆς νήσου Πόρου. Κατόπιν δραστηρίων ἐνεργειῶν κατωρθώθη ἡ κατάσβεσις τοῦ πυρός.
